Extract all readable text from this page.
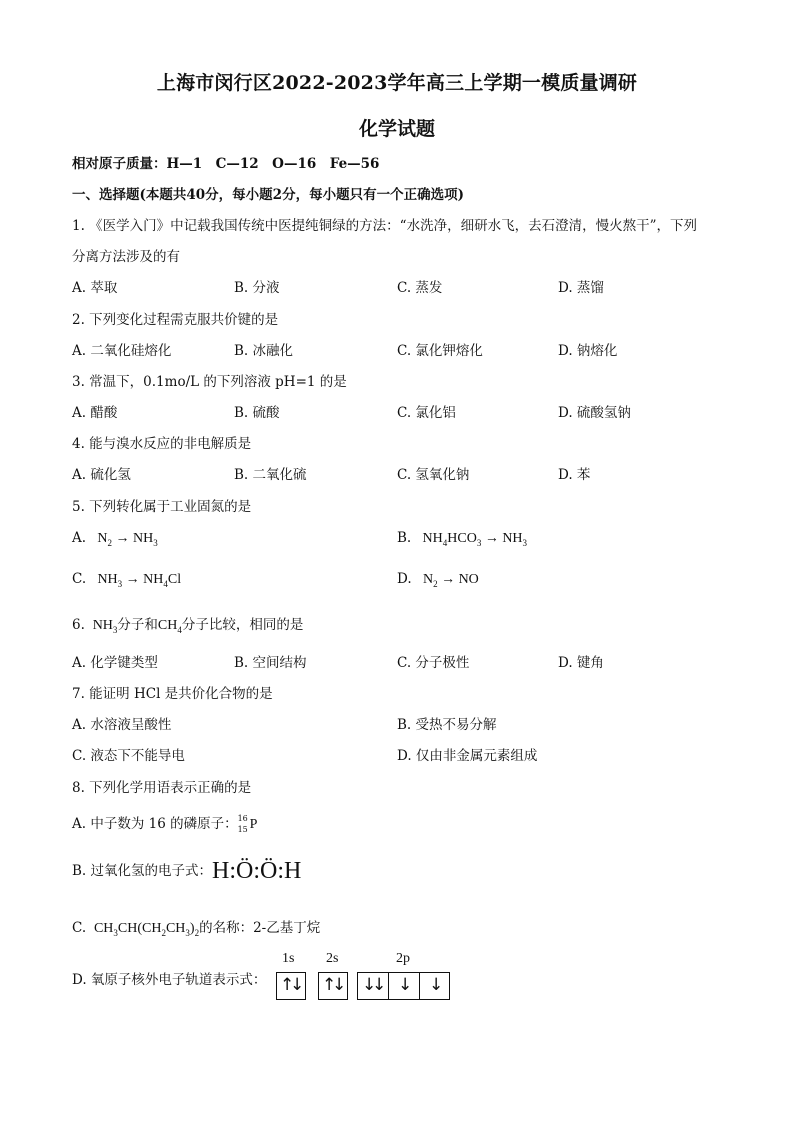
上海市闵行区2022-2023学年高三上学期一模质量调研
化学试题
相对原子质量：H—1　C—12　O—16　Fe—56
一、选择题(本题共40分，每小题2分，每小题只有一个正确选项)
1. 《医学入门》中记载我国传统中医提纯铜绿的方法：“水洗净，细研水飞，去石澄清，慢火熬干”，下列
分离方法涉及的有
A. 萃取	B. 分液	C. 蒸发	D. 蒸馏
2. 下列变化过程需克服共价键的是
A. 二氧化硅熔化	B. 冰融化	C. 氯化钾熔化	D. 钠熔化
3. 常温下，0.1mo/L 的下列溶液 pH=1 的是
A. 醋酸	B. 硫酸	C. 氯化铝	D. 硫酸氢钠
4. 能与溴水反应的非电解质是
A. 硫化氢	B. 二氧化硫	C. 氢氧化钠	D. 苯
5. 下列转化属于工业固氮的是
A.   $N_2 \to NH_3$	B.   $NH_4HCO_3 \to NH_3$
C.   $NH_3 \to NH_4Cl$	D.   $N_2$ → NO
6.  $NH_3$分子和$CH_4$分子比较，相同的是
A. 化学键类型	B. 空间结构	C. 分子极性	D. 键角
7. 能证明 HCl 是共价化合物的是
A. 水溶液呈酸性	B. 受热不易分解
C. 液态下不能导电	D. 仅由非金属元素组成
8. 下列化学用语表示正确的是
A. 中子数为 16 的磷原子： 16
15 P
B. 过氧化氢的电子式：H:Ö:Ö:H
C.  $CH_3CH(CH_2CH_3)_2$的名称：2-乙基丁烷
D. 氧原子核外电子轨道表示式：
1s 2s	2p
↑
↓ ↑
↓ ↓
↓ ↓ ↓
